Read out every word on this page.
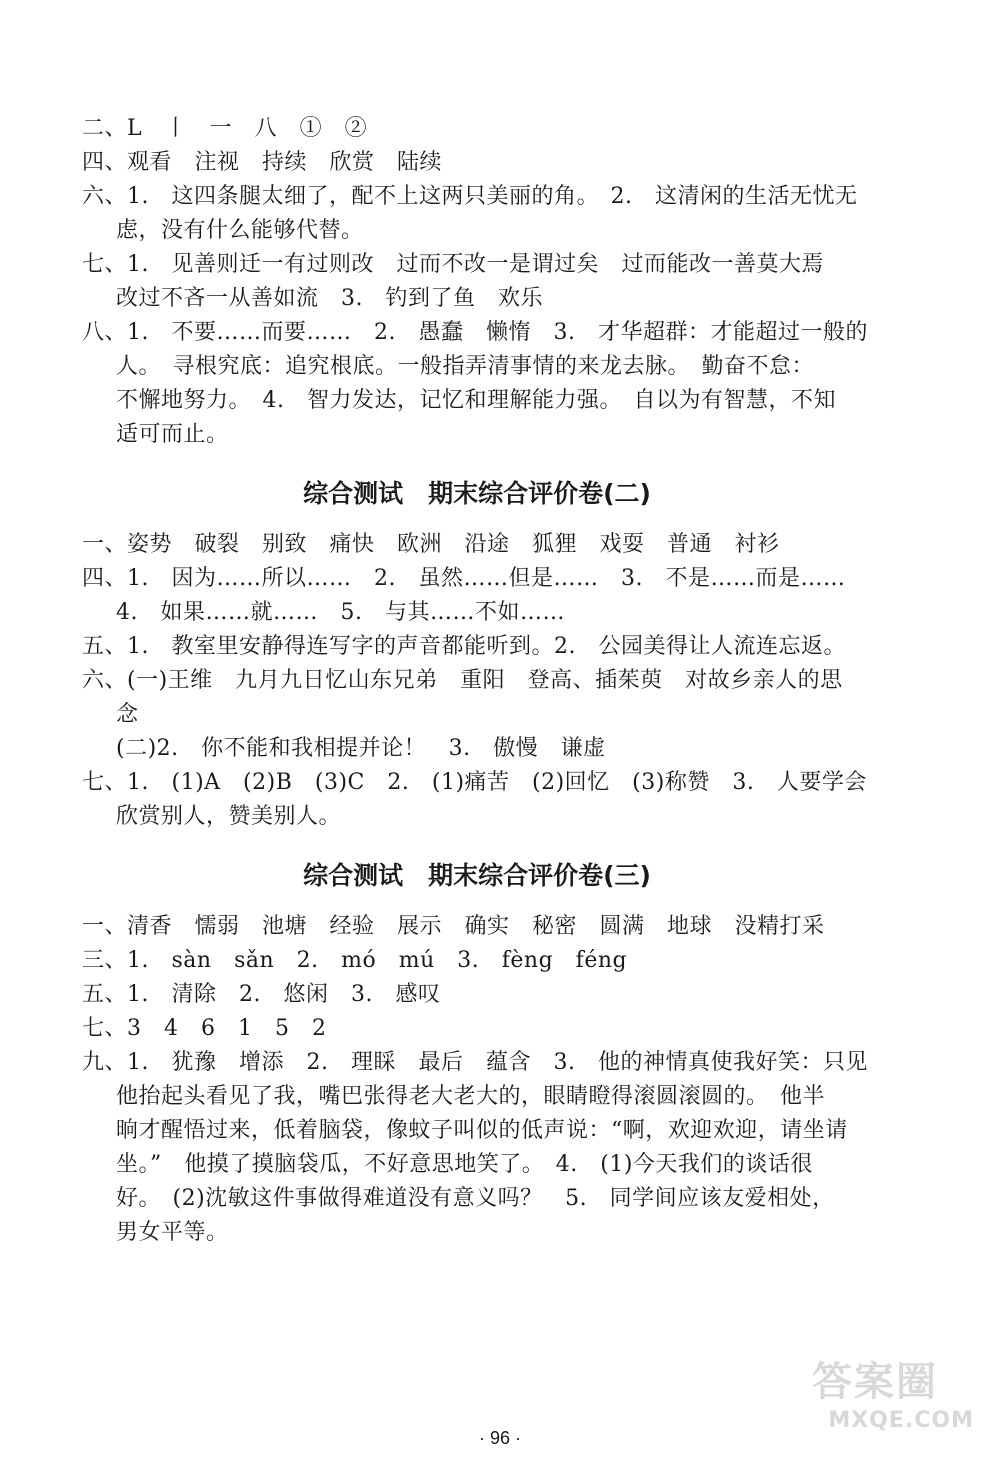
二、L　丨　一　八　①　②
四、观看　注视　持续　欣赏　陆续
六、1.　这四条腿太细了，配不上这两只美丽的角。　2.　这清闲的生活无忧无
虑，没有什么能够代替。
七、1.　见善则迁一有过则改　过而不改一是谓过矣　过而能改一善莫大焉
改过不吝一从善如流　3.　钓到了鱼　欢乐
八、1.　不要……而要……　2.　愚蠢　懒惰　3.　才华超群：才能超过一般的
人。　寻根究底：追究根底。一般指弄清事情的来龙去脉。　勤奋不怠：
不懈地努力。　4.　智力发达，记忆和理解能力强。　自以为有智慧，不知
适可而止。
综合测试　期末综合评价卷(二)
一、姿势　破裂　别致　痛快　欧洲　沿途　狐狸　戏耍　普通　衬衫
四、1.　因为……所以……　2.　虽然……但是……　3.　不是……而是……
4.　如果……就……　5.　与其……不如……
五、1.　教室里安静得连写字的声音都能听到。2.　公园美得让人流连忘返。
六、(一)王维　九月九日忆山东兄弟　重阳　登高、插茱萸　对故乡亲人的思
念
(二)2.　你不能和我相提并论！　3.　傲慢　谦虚
七、1.　(1)A　(2)B　(3)C　2.　(1)痛苦　(2)回忆　(3)称赞　3.　人要学会
欣赏别人，赞美别人。
综合测试　期末综合评价卷(三)
一、清香　懦弱　池塘　经验　展示　确实　秘密　圆满　地球　没精打采
三、1.　sàn　sǎn　2.　mó　mú　3.　fèng　féng
五、1.　清除　2.　悠闲　3.　感叹
七、3　4　6　1　5　2
九、1.　犹豫　增添　2.　理睬　最后　蕴含　3.　他的神情真使我好笑：只见
他抬起头看见了我，嘴巴张得老大老大的，眼睛瞪得滚圆滚圆的。　他半
晌才醒悟过来，低着脑袋，像蚊子叫似的低声说：“啊，欢迎欢迎，请坐请
坐。”　他摸了摸脑袋瓜，不好意思地笑了。　4.　(1)今天我们的谈话很
好。　(2)沈敏这件事做得难道没有意义吗？　5.　同学间应该友爱相处，
男女平等。
· 96 ·
答案圈
MXQE.COM
